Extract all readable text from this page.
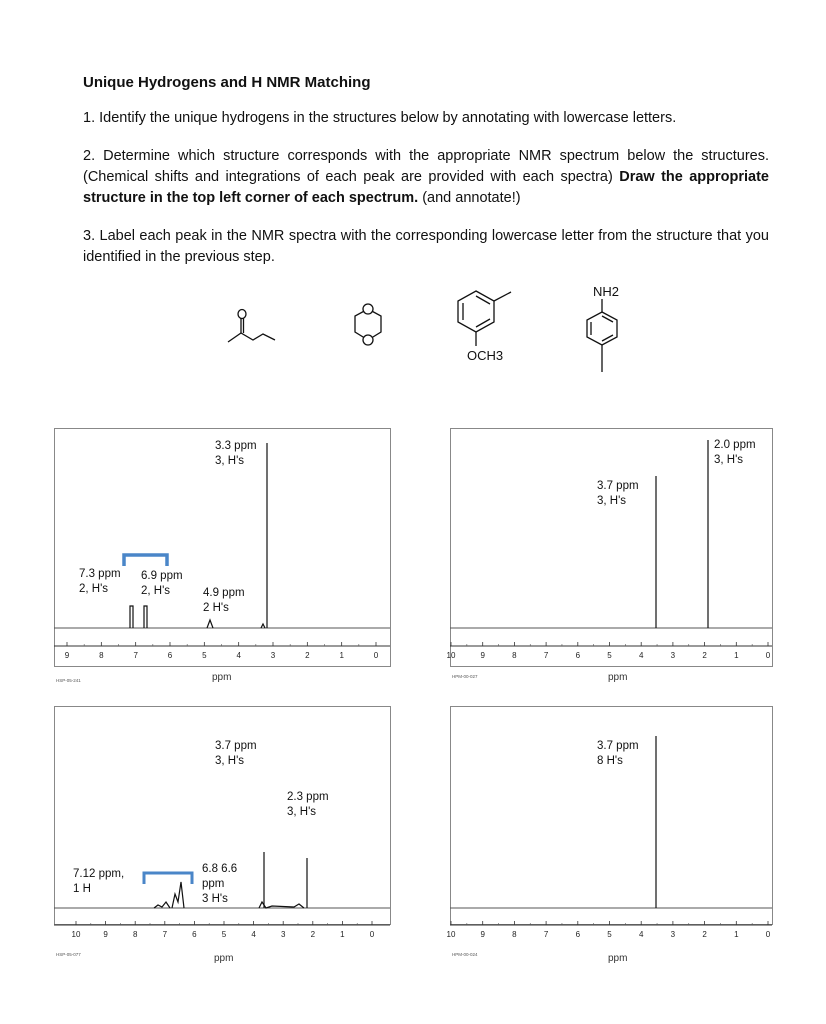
Unique Hydrogens and H NMR Matching
1. Identify the unique hydrogens in the structures below by annotating with lowercase letters.
2. Determine which structure corresponds with the appropriate NMR spectrum below the structures. (Chemical shifts and integrations of each peak are provided with each spectra) Draw the appropriate structure in the top left corner of each spectrum. (and annotate!)
3. Label each peak in the NMR spectra with the corresponding lowercase letter from the structure that you identified in the previous step.
OCH3
NH2
9	8	7	6	5	4	3	2	1	0
3.3 ppm
3, H's
7.3 ppm
2, H's
6.9 ppm
2, H's	4.9 ppm
2 H's
ppm
HSP-05-241
10	9	8	7	6	5	4	3	2	1	0
2.0 ppm
3, H's
3.7 ppm
3, H's
ppm
HPM-00-027
10	9	8	7	6	5	4	3	2	1	0
3.7 ppm
3, H's
2.3 ppm
3, H's
7.12 ppm,
1 H
6.8 6.6
ppm
3 H's
ppm
HSP-05-077
10	9	8	7	6	5	4	3	2	1	0
3.7 ppm
8 H's
ppm
HPM-00-024
